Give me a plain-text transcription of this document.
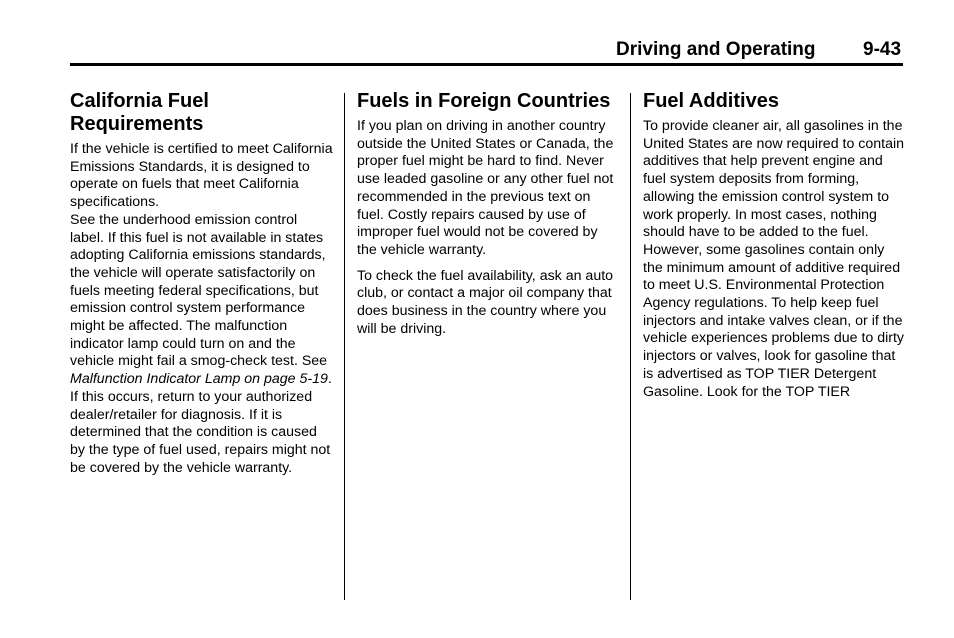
Driving and Operating 9-43
California Fuel Requirements

If the vehicle is certified to meet California Emissions Standards, it is designed to operate on fuels that meet California specifications.

See the underhood emission control label. If this fuel is not available in states adopting California emissions standards, the vehicle will operate satisfactorily on fuels meeting federal specifications, but emission control system performance might be affected. The malfunction indicator lamp could turn on and the vehicle might fail a smog-check test. See Malfunction Indicator Lamp on page 5-19. If this occurs, return to your authorized dealer/retailer for diagnosis. If it is determined that the condition is caused by the type of fuel used, repairs might not be covered by the vehicle warranty.

Fuels in Foreign Countries

If you plan on driving in another country outside the United States or Canada, the proper fuel might be hard to find. Never use leaded gasoline or any other fuel not recommended in the previous text on fuel. Costly repairs caused by use of improper fuel would not be covered by the vehicle warranty.

To check the fuel availability, ask an auto club, or contact a major oil company that does business in the country where you will be driving.

Fuel Additives

To provide cleaner air, all gasolines in the United States are now required to contain additives that help prevent engine and fuel system deposits from forming, allowing the emission control system to work properly. In most cases, nothing should have to be added to the fuel. However, some gasolines contain only the minimum amount of additive required to meet U.S. Environmental Protection Agency regulations. To help keep fuel injectors and intake valves clean, or if the vehicle experiences problems due to dirty injectors or valves, look for gasoline that is advertised as TOP TIER Detergent Gasoline. Look for the TOP TIER
